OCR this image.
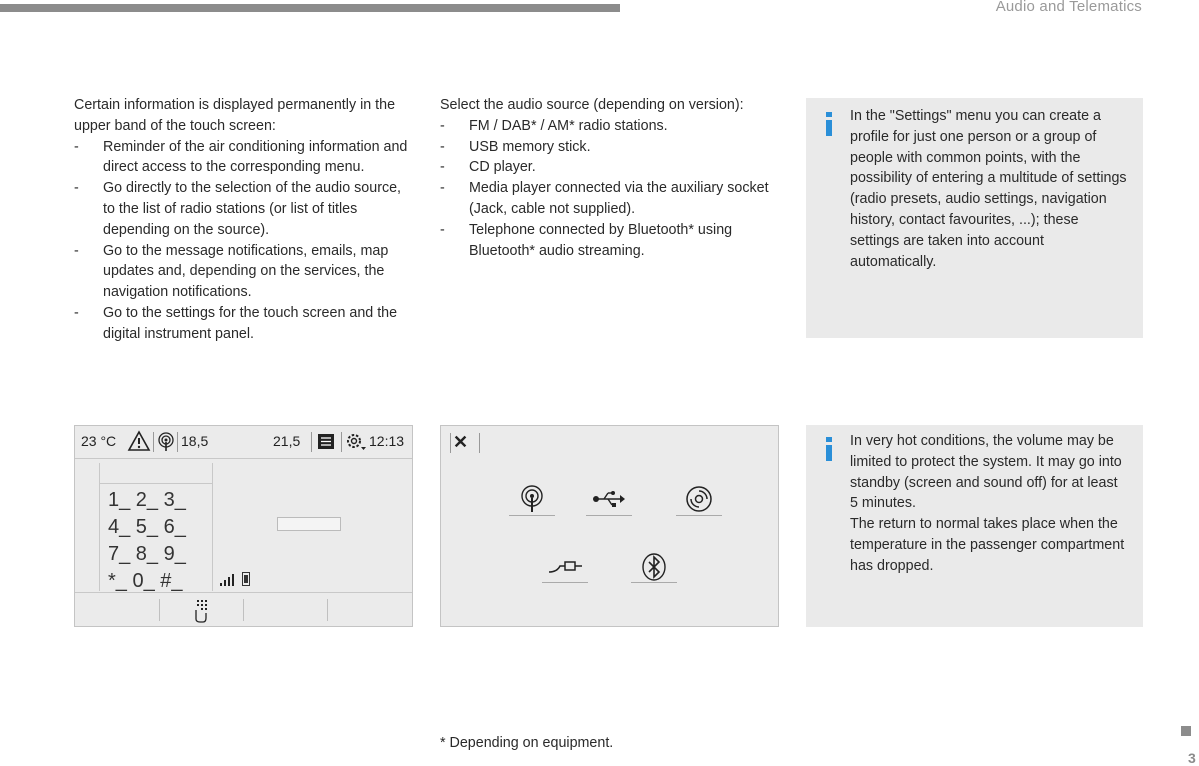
Audio and Telematics

Certain information is displayed permanently in the upper band of the touch screen:

- Reminder of the air conditioning information and direct access to the corresponding menu.
- Go directly to the selection of the audio source, to the list of radio stations (or list of titles depending on the source).
- Go to the message notifications, emails, map updates and, depending on the services, the navigation notifications.
- Go to the settings for the touch screen and the digital instrument panel.

Select the audio source (depending on version):

- FM / DAB* / AM* radio stations.
- USB memory stick.
- CD player.
- Media player connected via the auxiliary socket (Jack, cable not supplied).
- Telephone connected by Bluetooth* using Bluetooth* audio streaming.

In the "Settings" menu you can create a profile for just one person or a group of people with common points, with the possibility of entering a multitude of settings (radio presets, audio settings, navigation history, contact favourites, ...); these settings are taken into account automatically.

In very hot conditions, the volume may be limited to protect the system. It may go into standby (screen and sound off) for at least 5 minutes.

The return to normal takes place when the temperature in the passenger compartment has dropped.

23 °C	18,5	21,5	12:13
1_ 2_ 3_
4_ 5_ 6_
7_ 8_ 9_
*_ 0_ #_
✕
* Depending on equipment.
3
